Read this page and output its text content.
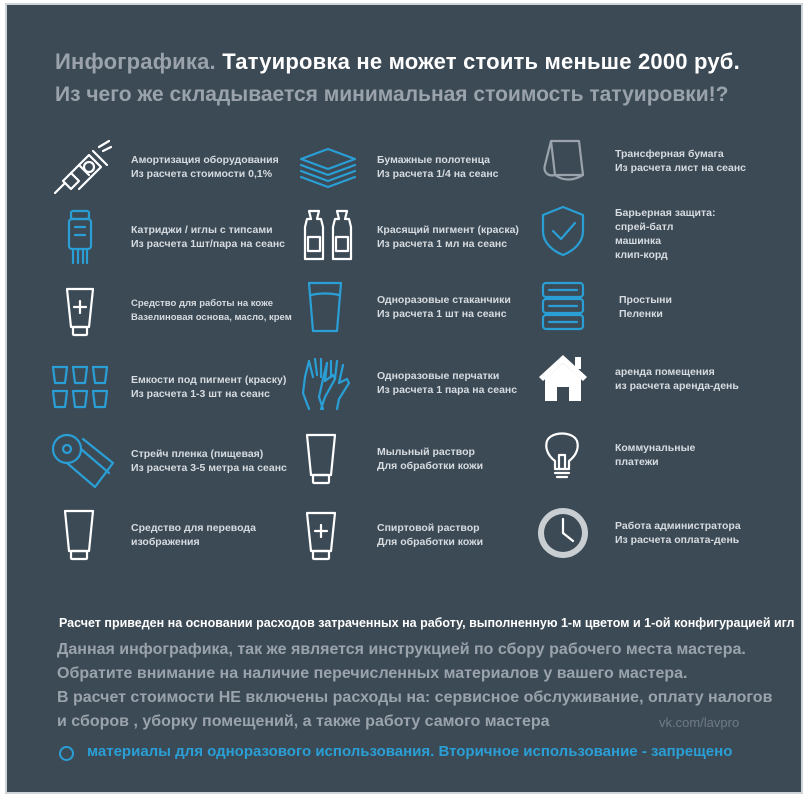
Инфографика. Татуировка не может стоить меньше 2000 руб.
Из чего же складывается минимальная стоимость татуировки!?
Амортизация оборудования
Из расчета стоимости 0,1%
Бумажные полотенца
Из расчета 1/4 на сеанс
Трансферная бумага
Из расчета лист на сеанс
Катриджи / иглы с типсами
Из расчета 1шт/пара на сеанс
Красящий пигмент (краска)
Из расчета 1 мл на сеанс
Барьерная защита:
спрей-батл
машинка
клип-корд
Средство для работы на коже
Вазелиновая основа, масло, крем
Одноразовые стаканчики
Из расчета 1 шт на сеанс
Простыни
Пеленки
Емкости под пигмент (краску)
Из расчета 1-3 шт на сеанс
Одноразовые перчатки
Из расчета 1 пара на сеанс
аренда помещения
из расчета аренда-день
Стрейч пленка (пищевая)
Из расчета 3-5 метра на сеанс
Мыльный раствор
Для обработки кожи
Коммунальные
платежи
Средство для перевода
изображения
Спиртовой раствор
Для обработки кожи
Работа администратора
Из расчета оплата-день
Расчет приведен на основании расходов затраченных на работу, выполненную 1-м цветом и 1-ой конфигурацией игл
Данная инфографика, так же является инструкцией по сбору рабочего места мастера.
Обратите внимание на наличие перечисленных материалов у вашего мастера.
В расчет стоимости НЕ включены расходы на: сервисное обслуживание, оплату налогов
и сборов , уборку помещений, а также работу самого мастера	vk.com/lavpro
материалы для одноразового использования. Вторичное использование - запрещено
